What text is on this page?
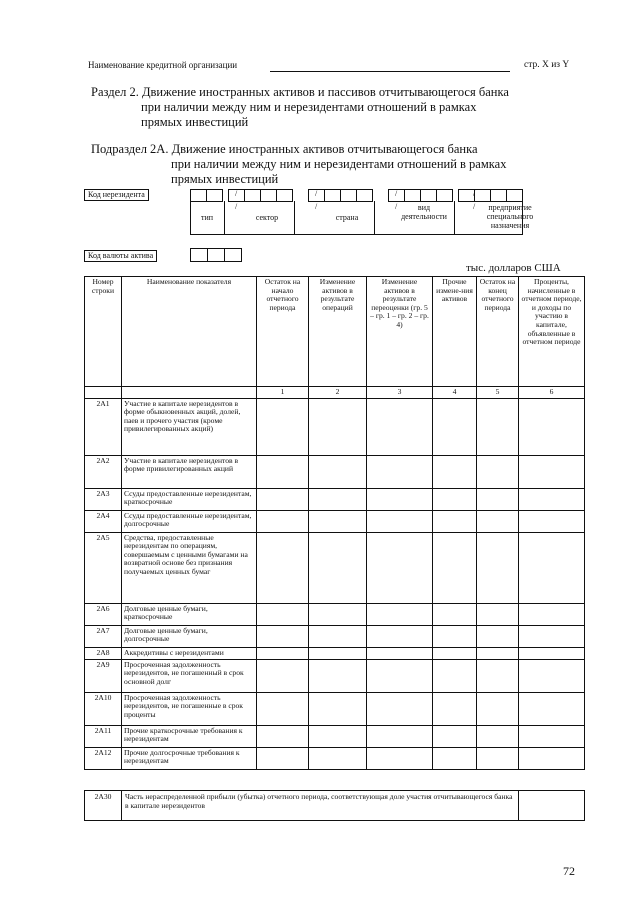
Наименование кредитной организации	стр. X из Y
Раздел 2. Движение иностранных активов и пассивов отчитывающегося банка
при наличии между ним и нерезидентами отношений в рамках
прямых инвестиций
Подраздел 2А. Движение иностранных активов отчитывающегося банка
при наличии между ним и нерезидентами отношений в рамках
прямых инвестиций
Код нерезидента	/	/	/	/
/	/	/	/
тип	сектор	страна
вид деятельности
предприятие специального назначения
Код валюты актива
тыс. долларов США
Номер строки	Наименование показателя	Остаток на начало отчетного периода	Изменение активов в результате операций	Изменение активов в результате переоценки (гр. 5 – гр. 1 – гр. 2 – гр. 4)	Прочие измене-ния активов	Остаток на конец отчетного периода	Проценты, начисленные в отчетном периоде, и доходы по участию в капитале, объявленные в отчетном периоде
		1	2	3	4	5	6
2А1	Участие в капитале нерезидентов в форме обыкновенных акций, долей, паев и прочего участия (кроме привилегированных акций)						
2А2	Участие в капитале нерезидентов в форме привилегированных акций						
2А3	Ссуды предоставленные нерезидентам, краткосрочные						
2А4	Ссуды предоставленные нерезидентам, долгосрочные						
2А5	Средства, предоставленные нерезидентам по операциям, совершаемым с ценными бумагами на возвратной основе без признания получаемых ценных бумаг						
2А6	Долговые ценные бумаги, краткосрочные						
2А7	Долговые ценные бумаги, долгосрочные						
2А8	Аккредитивы с нерезидентами						
2А9	Просроченная задолженность нерезидентов, не погашенный в срок основной долг						
2А10	Просроченная задолженность нерезидентов, не погашенные в срок проценты						
2А11	Прочие краткосрочные требования к нерезидентам						
2А12	Прочие долгосрочные требования к нерезидентам						
2А30	Часть нераспределенной прибыли (убытка) отчетного периода, соответствующая доле участия отчитывающегося банка в капитале нерезидентов	
72
